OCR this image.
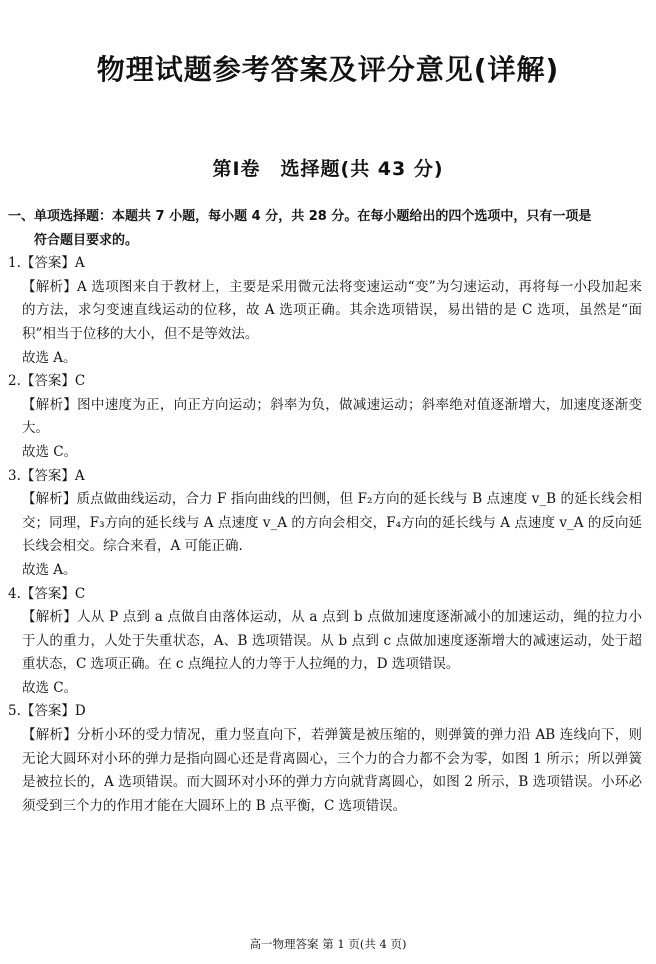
物理试题参考答案及评分意见(详解)
第Ⅰ卷　选择题(共 43 分)
一、单项选择题：本题共 7 小题，每小题 4 分，共 28 分。在每小题给出的四个选项中，只有一项是
符合题目要求的。
1.【答案】A
【解析】A 选项图来自于教材上，主要是采用微元法将变速运动“变”为匀速运动，再将每一小段加起来的方法，求匀变速直线运动的位移，故 A 选项正确。其余选项错误，易出错的是 C 选项，虽然是“面积”相当于位移的大小，但不是等效法。
故选 A。
2.【答案】C
【解析】图中速度为正，向正方向运动；斜率为负，做减速运动；斜率绝对值逐渐增大，加速度逐渐变大。
故选 C。
3.【答案】A
【解析】质点做曲线运动，合力 F 指向曲线的凹侧，但 F₂方向的延长线与 B 点速度 v_B 的延长线会相交；同理，F₃方向的延长线与 A 点速度 v_A 的方向会相交，F₄方向的延长线与 A 点速度 v_A 的反向延长线会相交。综合来看，A 可能正确.
故选 A。
4.【答案】C
【解析】人从 P 点到 a 点做自由落体运动，从 a 点到 b 点做加速度逐渐减小的加速运动，绳的拉力小于人的重力，人处于失重状态，A、B 选项错误。从 b 点到 c 点做加速度逐渐增大的减速运动，处于超重状态，C 选项正确。在 c 点绳拉人的力等于人拉绳的力，D 选项错误。
故选 C。
5.【答案】D
【解析】分析小环的受力情况，重力竖直向下，若弹簧是被压缩的，则弹簧的弹力沿 AB 连线向下，则无论大圆环对小环的弹力是指向圆心还是背离圆心，三个力的合力都不会为零，如图 1 所示；所以弹簧是被拉长的，A 选项错误。而大圆环对小环的弹力方向就背离圆心，如图 2 所示，B 选项错误。小环必须受到三个力的作用才能在大圆环上的 B 点平衡，C 选项错误。
高一物理答案 第 1 页(共 4 页)
